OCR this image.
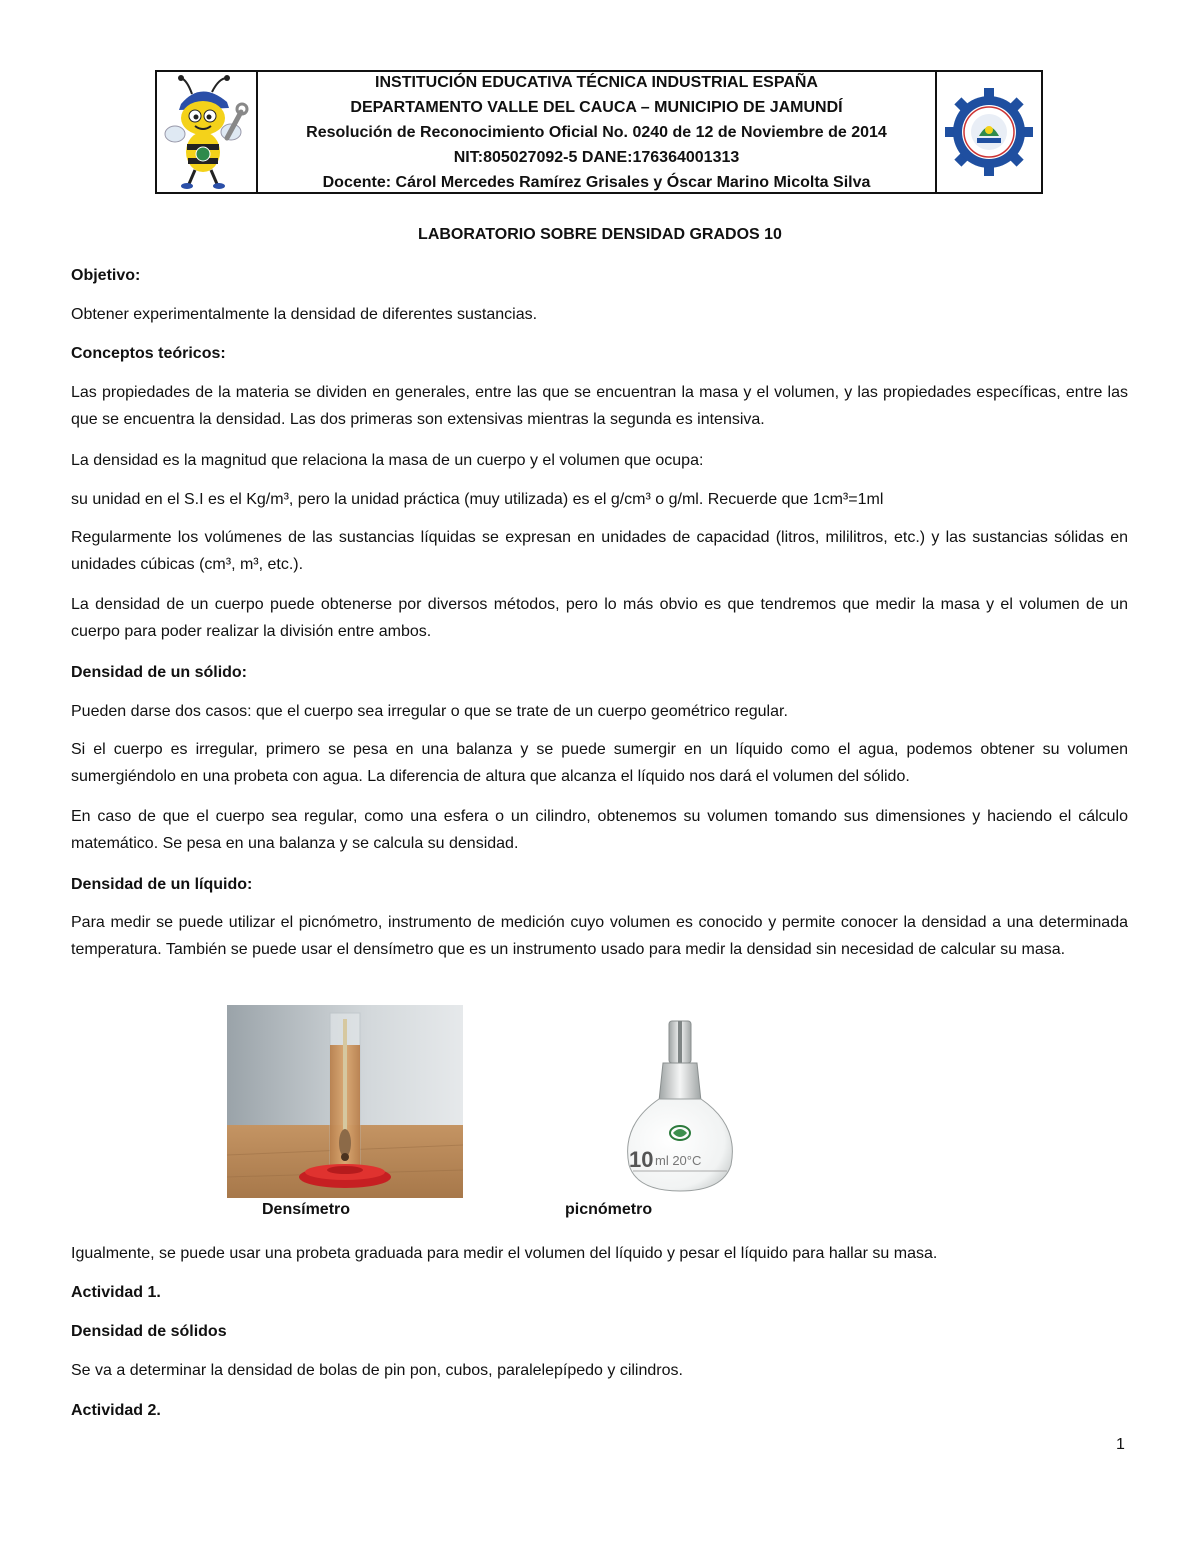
INSTITUCIÓN EDUCATIVA TÉCNICA INDUSTRIAL ESPAÑA
DEPARTAMENTO VALLE DEL CAUCA – MUNICIPIO DE JAMUNDÍ
Resolución de Reconocimiento Oficial No. 0240 de 12 de Noviembre de 2014
NIT:805027092-5 DANE:176364001313
Docente: Cárol Mercedes Ramírez Grisales y Óscar Marino Micolta Silva
LABORATORIO SOBRE DENSIDAD GRADOS 10
Objetivo:
Obtener experimentalmente la densidad de diferentes sustancias.
Conceptos teóricos:
Las propiedades de la materia se dividen en generales, entre las que se encuentran la masa y el volumen, y las propiedades específicas, entre las que se encuentra la densidad. Las dos primeras son extensivas mientras la segunda es intensiva.
La densidad es la magnitud que relaciona la masa de un cuerpo y el volumen que ocupa:
su unidad en el S.I es el Kg/m³, pero la unidad práctica (muy utilizada) es el g/cm³ o g/ml. Recuerde que 1cm³=1ml
Regularmente los volúmenes de las sustancias líquidas se expresan en unidades de capacidad (litros, mililitros, etc.) y las sustancias sólidas en unidades cúbicas (cm³, m³, etc.).
La densidad de un cuerpo puede obtenerse por diversos métodos, pero lo más obvio es que tendremos que medir la masa y el volumen de un cuerpo para poder realizar la división entre ambos.
Densidad de un sólido:
Pueden darse dos casos: que el cuerpo sea irregular o que se trate de un cuerpo geométrico regular.
Si el cuerpo es irregular, primero se pesa en una balanza y se puede sumergir en un líquido como el agua, podemos obtener su volumen sumergiéndolo en una probeta con agua. La diferencia de altura que alcanza el líquido nos dará el volumen del sólido.
En caso de que el cuerpo sea regular, como una esfera o un cilindro, obtenemos su volumen tomando sus dimensiones y haciendo el cálculo matemático. Se pesa en una balanza y se calcula su densidad.
Densidad de un líquido:
Para medir se puede utilizar el picnómetro, instrumento de medición cuyo volumen es conocido y permite conocer la densidad a una determinada temperatura. También se puede usar el densímetro que es un instrumento usado para medir la densidad sin necesidad de calcular su masa.
10 ml 20°C
Densímetro	picnómetro
Igualmente, se puede usar una probeta graduada para medir el volumen del líquido y pesar el líquido para hallar su masa.
Actividad 1.
Densidad de sólidos
Se va a determinar la densidad de bolas de pin pon, cubos, paralelepípedo y cilindros.
Actividad 2.
1
